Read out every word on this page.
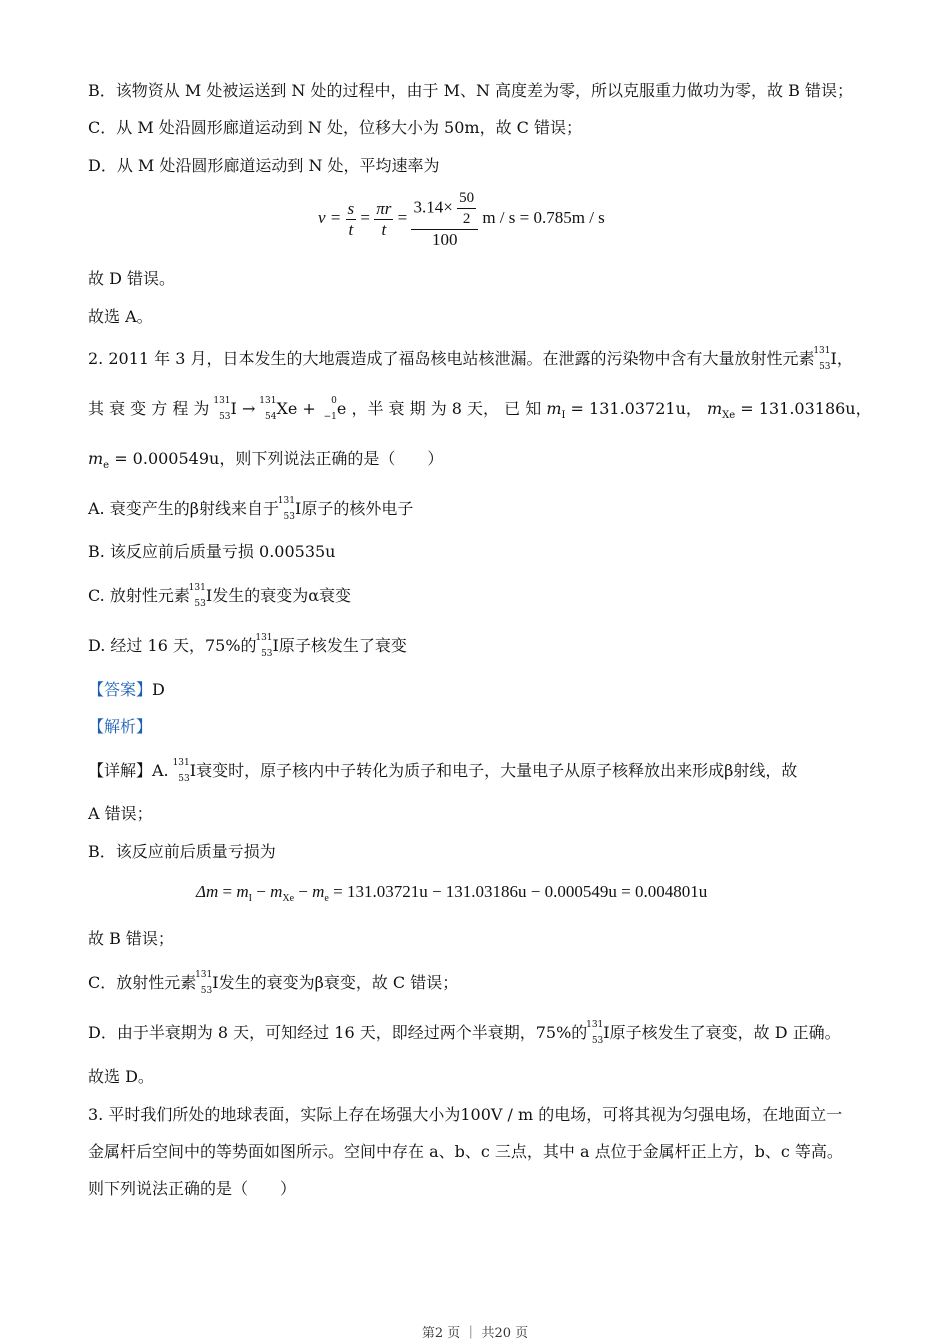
B．该物资从 M 处被运送到 N 处的过程中，由于 M、N 高度差为零，所以克服重力做功为零，故 B 错误；
C．从 M 处沿圆形廊道运动到 N 处，位移大小为 50m，故 C 错误；
D．从 M 处沿圆形廊道运动到 N 处，平均速率为
$v = \frac{s}{t} = \frac{\pi r}{t} = \frac{3.14\times \frac{50}{2}}{100}$ m / s = 0.785m / s
故 D 错误。
故选 A。
2. 2011 年 3 月，日本发生的大地震造成了福岛核电站核泄漏。在泄露的污染物中含有大量放射性元素
131
53 I，
其 衰 变 方 程 为 131
53 I →
131
54 Xe + 0
−1 e ，半 衰 期 为 8 天， 已 知 $m_I = 131.03721u$， $m_{Xe} = 131.03186u$，
$m_e = 0.000549u$，则下列说法正确的是（　　）
A. 衰变产生的β射线来自于
131
53 I原子的核外电子
B. 该反应前后质量亏损 0.00535u
C. 放射性元素
131
53 I发生的衰变为α衰变
D. 经过 16 天，75%的
131
53 I原子核发生了衰变
【答案】D
【解析】
【详解】A. 131
53 I衰变时，原子核内中子转化为质子和电子，大量电子从原子核释放出来形成β射线，故
A 错误；
B．该反应前后质量亏损为
$\Delta m = m_I - m_{Xe} - m_e = 131.03721u - 131.03186u - 0.000549u = 0.004801u$
故 B 错误；
C．放射性元素
131
53 I发生的衰变为β衰变，故 C 错误；
D．由于半衰期为 8 天，可知经过 16 天，即经过两个半衰期，75%的
131
53 I原子核发生了衰变，故 D 正确。
故选 D。
3. 平时我们所处的地球表面，实际上存在场强大小为100V / m 的电场，可将其视为匀强电场，在地面立一
金属杆后空间中的等势面如图所示。空间中存在 a、b、c 三点，其中 a 点位于金属杆正上方，b、c 等高。
则下列说法正确的是（　　）
第2 页 ｜ 共20 页
